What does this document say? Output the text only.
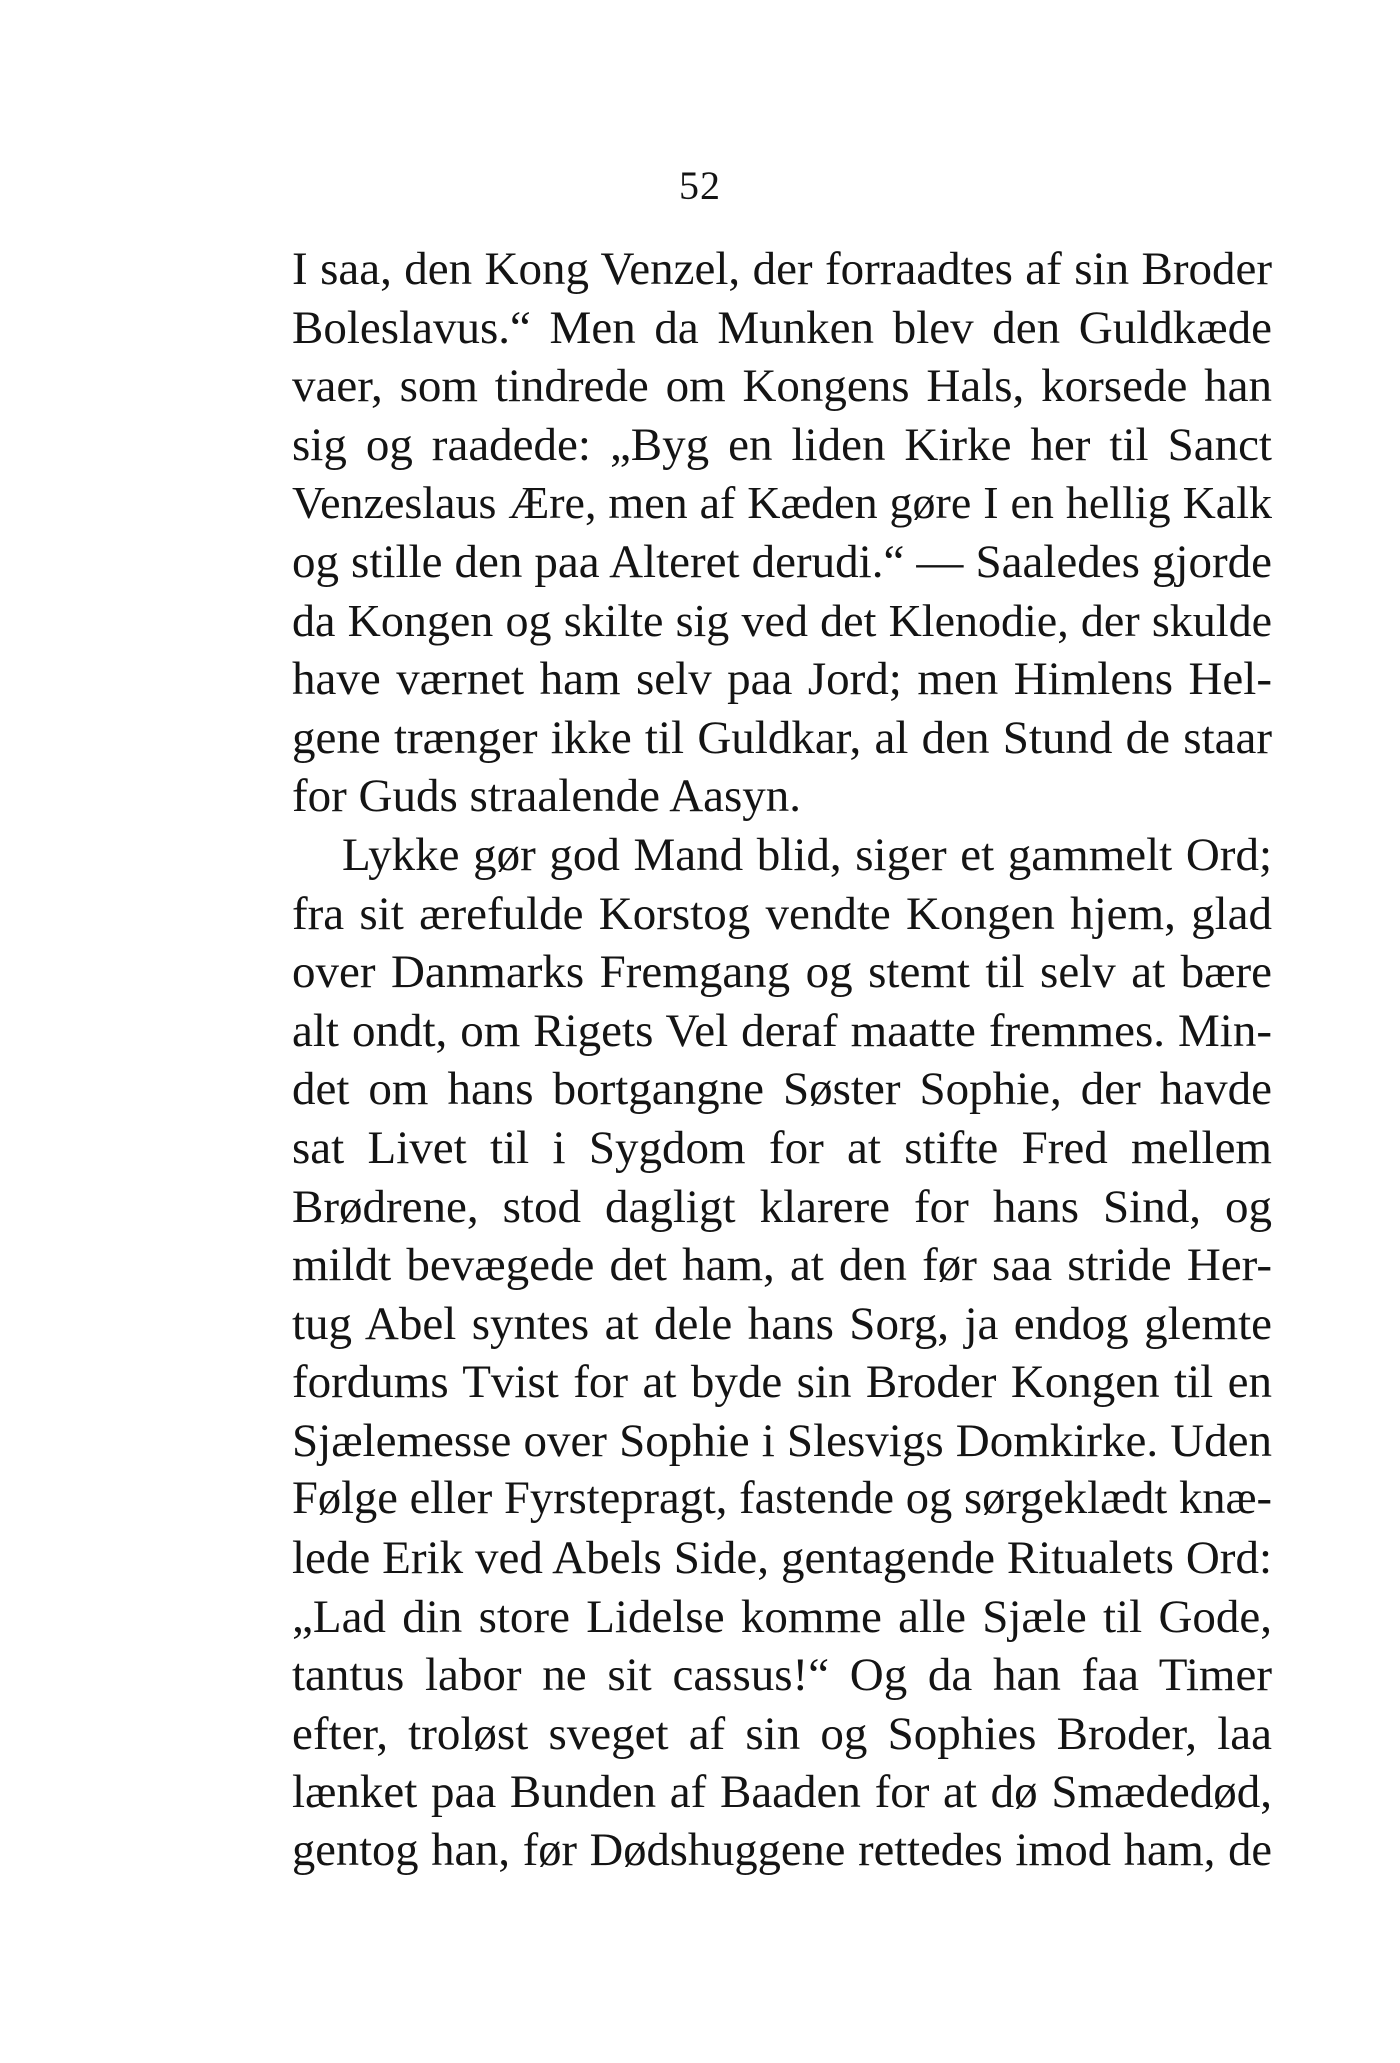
52
I saa, den Kong Venzel, der forraadtes af sin Broder
Boleslavus.“ Men da Munken blev den Guldkæde
vaer, som tindrede om Kongens Hals, korsede han
sig og raadede: „Byg en liden Kirke her til Sanct
Venzeslaus Ære, men af Kæden gøre I en hellig Kalk
og stille den paa Alteret derudi.“ — Saaledes gjorde
da Kongen og skilte sig ved det Klenodie, der skulde
have værnet ham selv paa Jord; men Himlens Hel-
gene trænger ikke til Guldkar, al den Stund de staar
for Guds straalende Aasyn.
Lykke gør god Mand blid, siger et gammelt Ord;
fra sit ærefulde Korstog vendte Kongen hjem, glad
over Danmarks Fremgang og stemt til selv at bære
alt ondt, om Rigets Vel deraf maatte fremmes. Min-
det om hans bortgangne Søster Sophie, der havde
sat Livet til i Sygdom for at stifte Fred mellem
Brødrene, stod dagligt klarere for hans Sind, og
mildt bevægede det ham, at den før saa stride Her-
tug Abel syntes at dele hans Sorg, ja endog glemte
fordums Tvist for at byde sin Broder Kongen til en
Sjælemesse over Sophie i Slesvigs Domkirke. Uden
Følge eller Fyrstepragt, fastende og sørgeklædt knæ-
lede Erik ved Abels Side, gentagende Ritualets Ord:
„Lad din store Lidelse komme alle Sjæle til Gode,
tantus labor ne sit cassus!“ Og da han faa Timer
efter, troløst sveget af sin og Sophies Broder, laa
lænket paa Bunden af Baaden for at dø Smædedød,
gentog han, før Dødshuggene rettedes imod ham, de
